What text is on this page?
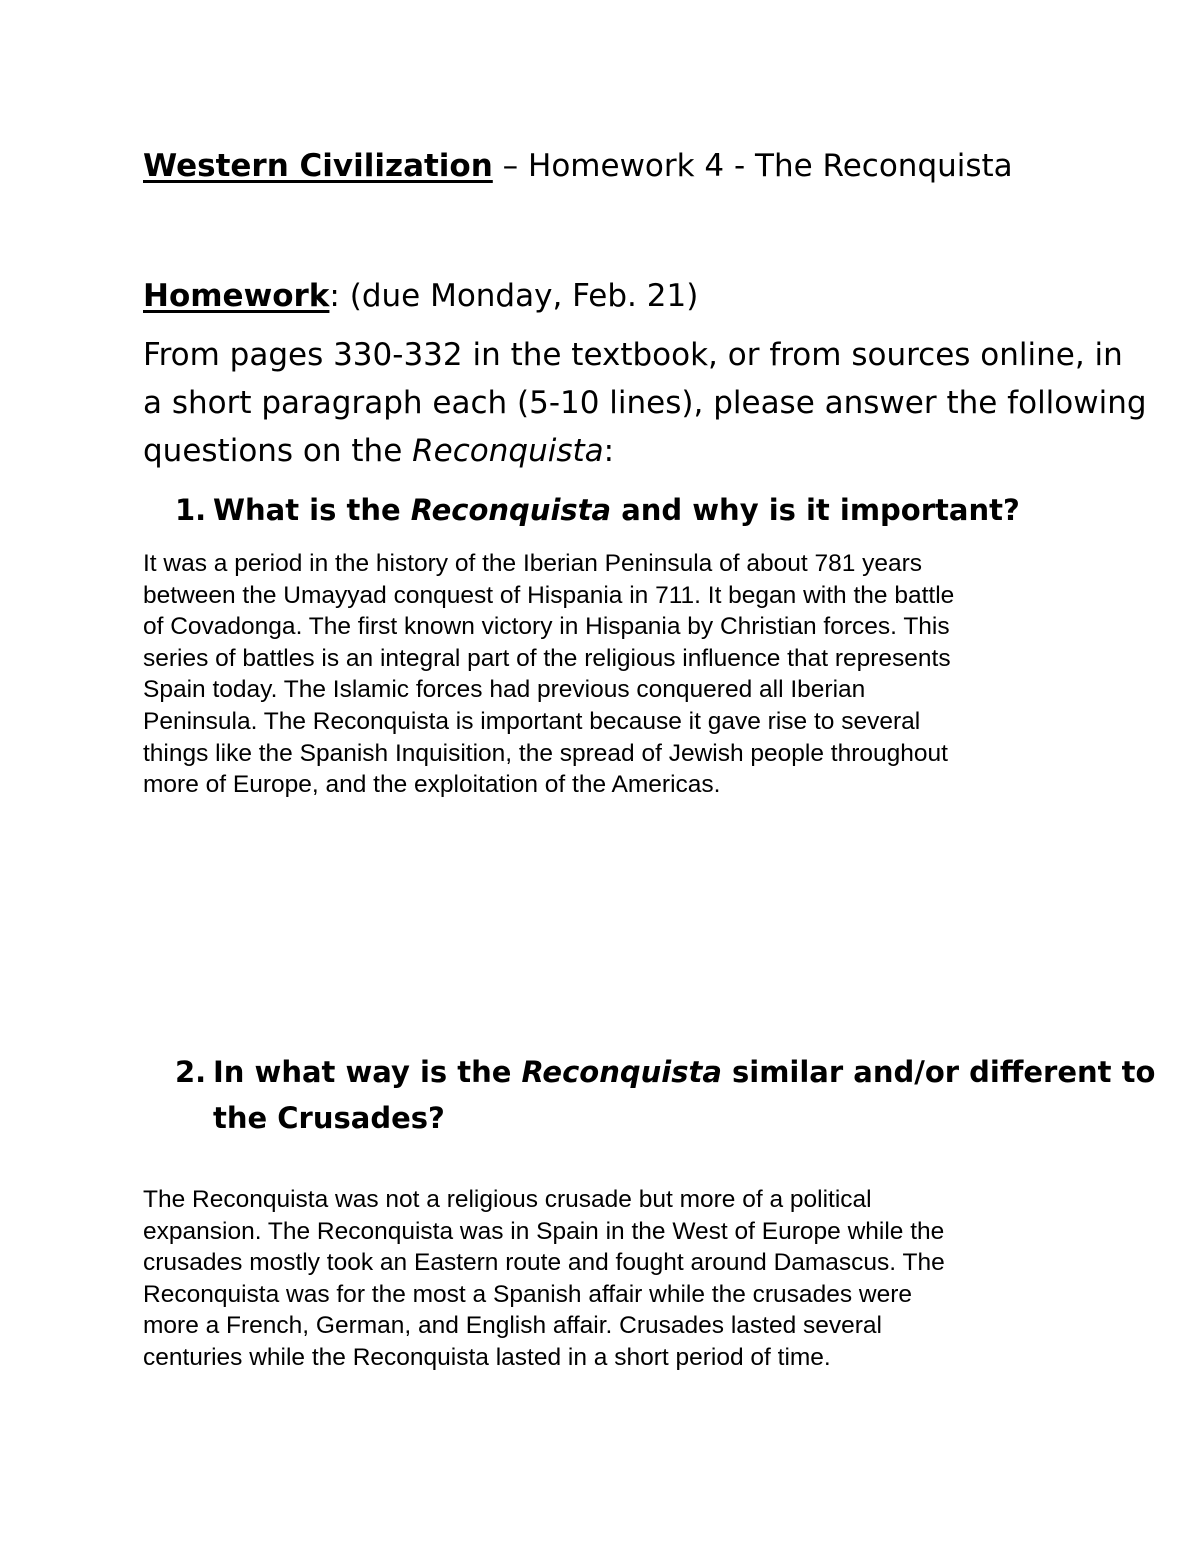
Western Civilization – Homework 4 - The Reconquista
Homework: (due Monday, Feb. 21)
From pages 330-332 in the textbook, or from sources online, in
a short paragraph each (5-10 lines), please answer the following
questions on the Reconquista:
1. What is the Reconquista and why is it important?
It was a period in the history of the Iberian Peninsula of about 781 years
between the Umayyad conquest of Hispania in 711. It began with the battle
of Covadonga. The first known victory in Hispania by Christian forces. This
series of battles is an integral part of the religious influence that represents
Spain today. The Islamic forces had previous conquered all Iberian
Peninsula. The Reconquista is important because it gave rise to several
things like the Spanish Inquisition, the spread of Jewish people throughout
more of Europe, and the exploitation of the Americas.
2. In what way is the Reconquista similar and/or different to
the Crusades?
The Reconquista was not a religious crusade but more of a political
expansion. The Reconquista was in Spain in the West of Europe while the
crusades mostly took an Eastern route and fought around Damascus. The
Reconquista was for the most a Spanish affair while the crusades were
more a French, German, and English affair. Crusades lasted several
centuries while the Reconquista lasted in a short period of time.
